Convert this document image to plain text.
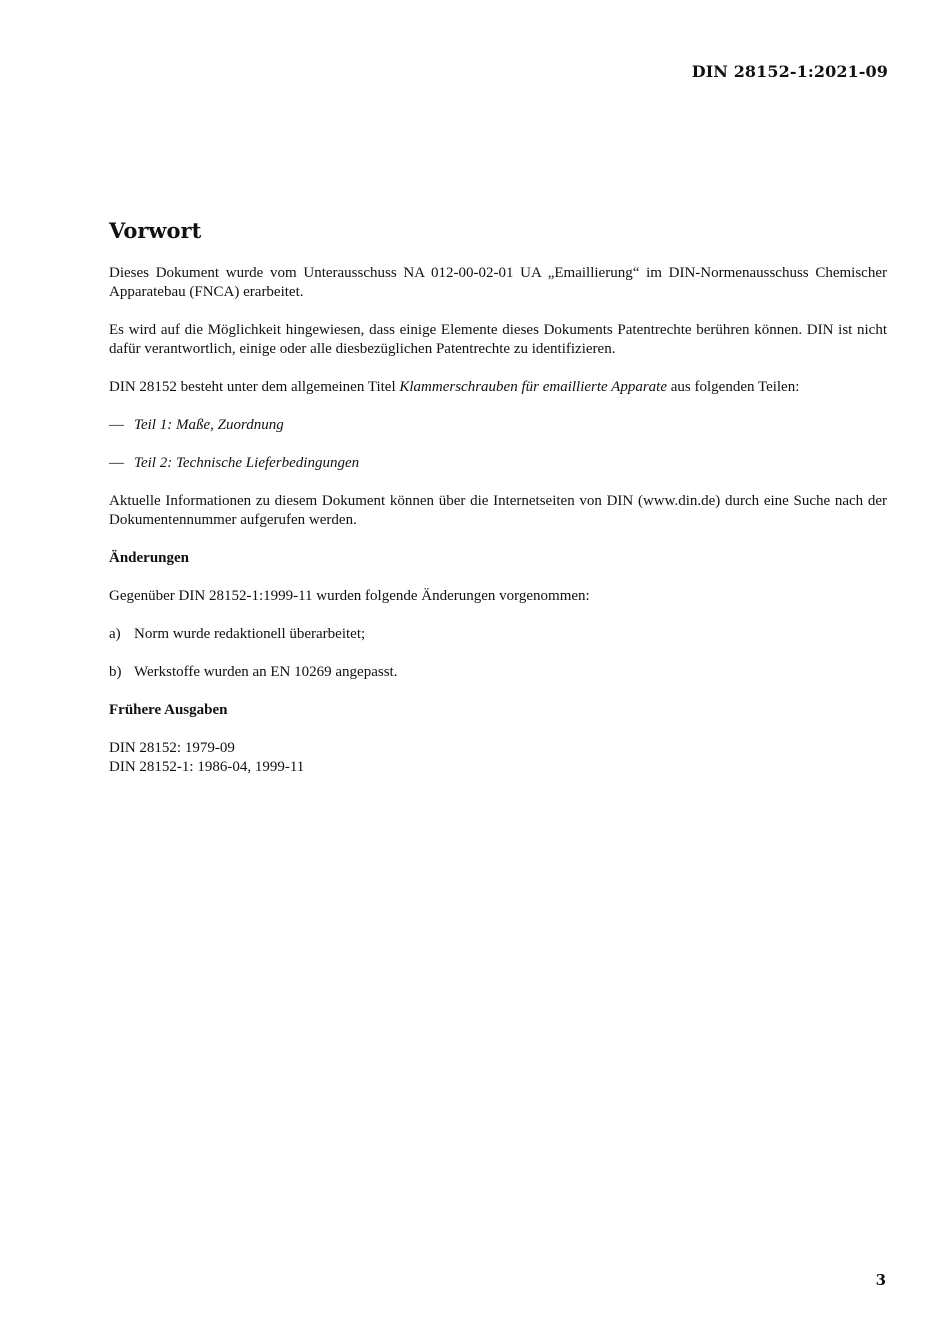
DIN 28152-1:2021-09
Vorwort

Dieses Dokument wurde vom Unterausschuss NA 012-00-02-01 UA „Emaillierung“ im DIN-Normenausschuss Chemischer Apparatebau (FNCA) erarbeitet.

Es wird auf die Möglichkeit hingewiesen, dass einige Elemente dieses Dokuments Patentrechte berühren können. DIN ist nicht dafür verantwortlich, einige oder alle diesbezüglichen Patentrechte zu identifizieren.

DIN 28152 besteht unter dem allgemeinen Titel Klammerschrauben für emaillierte Apparate aus folgenden Teilen:

— Teil 1: Maße, Zuordnung
— Teil 2: Technische Lieferbedingungen

Aktuelle Informationen zu diesem Dokument können über die Internetseiten von DIN (www.din.de) durch eine Suche nach der Dokumentennummer aufgerufen werden.

Änderungen

Gegenüber DIN 28152-1:1999-11 wurden folgende Änderungen vorgenommen:

a) Norm wurde redaktionell überarbeitet;
b) Werkstoffe wurden an EN 10269 angepasst.
Frühere Ausgaben
DIN 28152: 1979-09
DIN 28152-1: 1986-04, 1999-11
3
